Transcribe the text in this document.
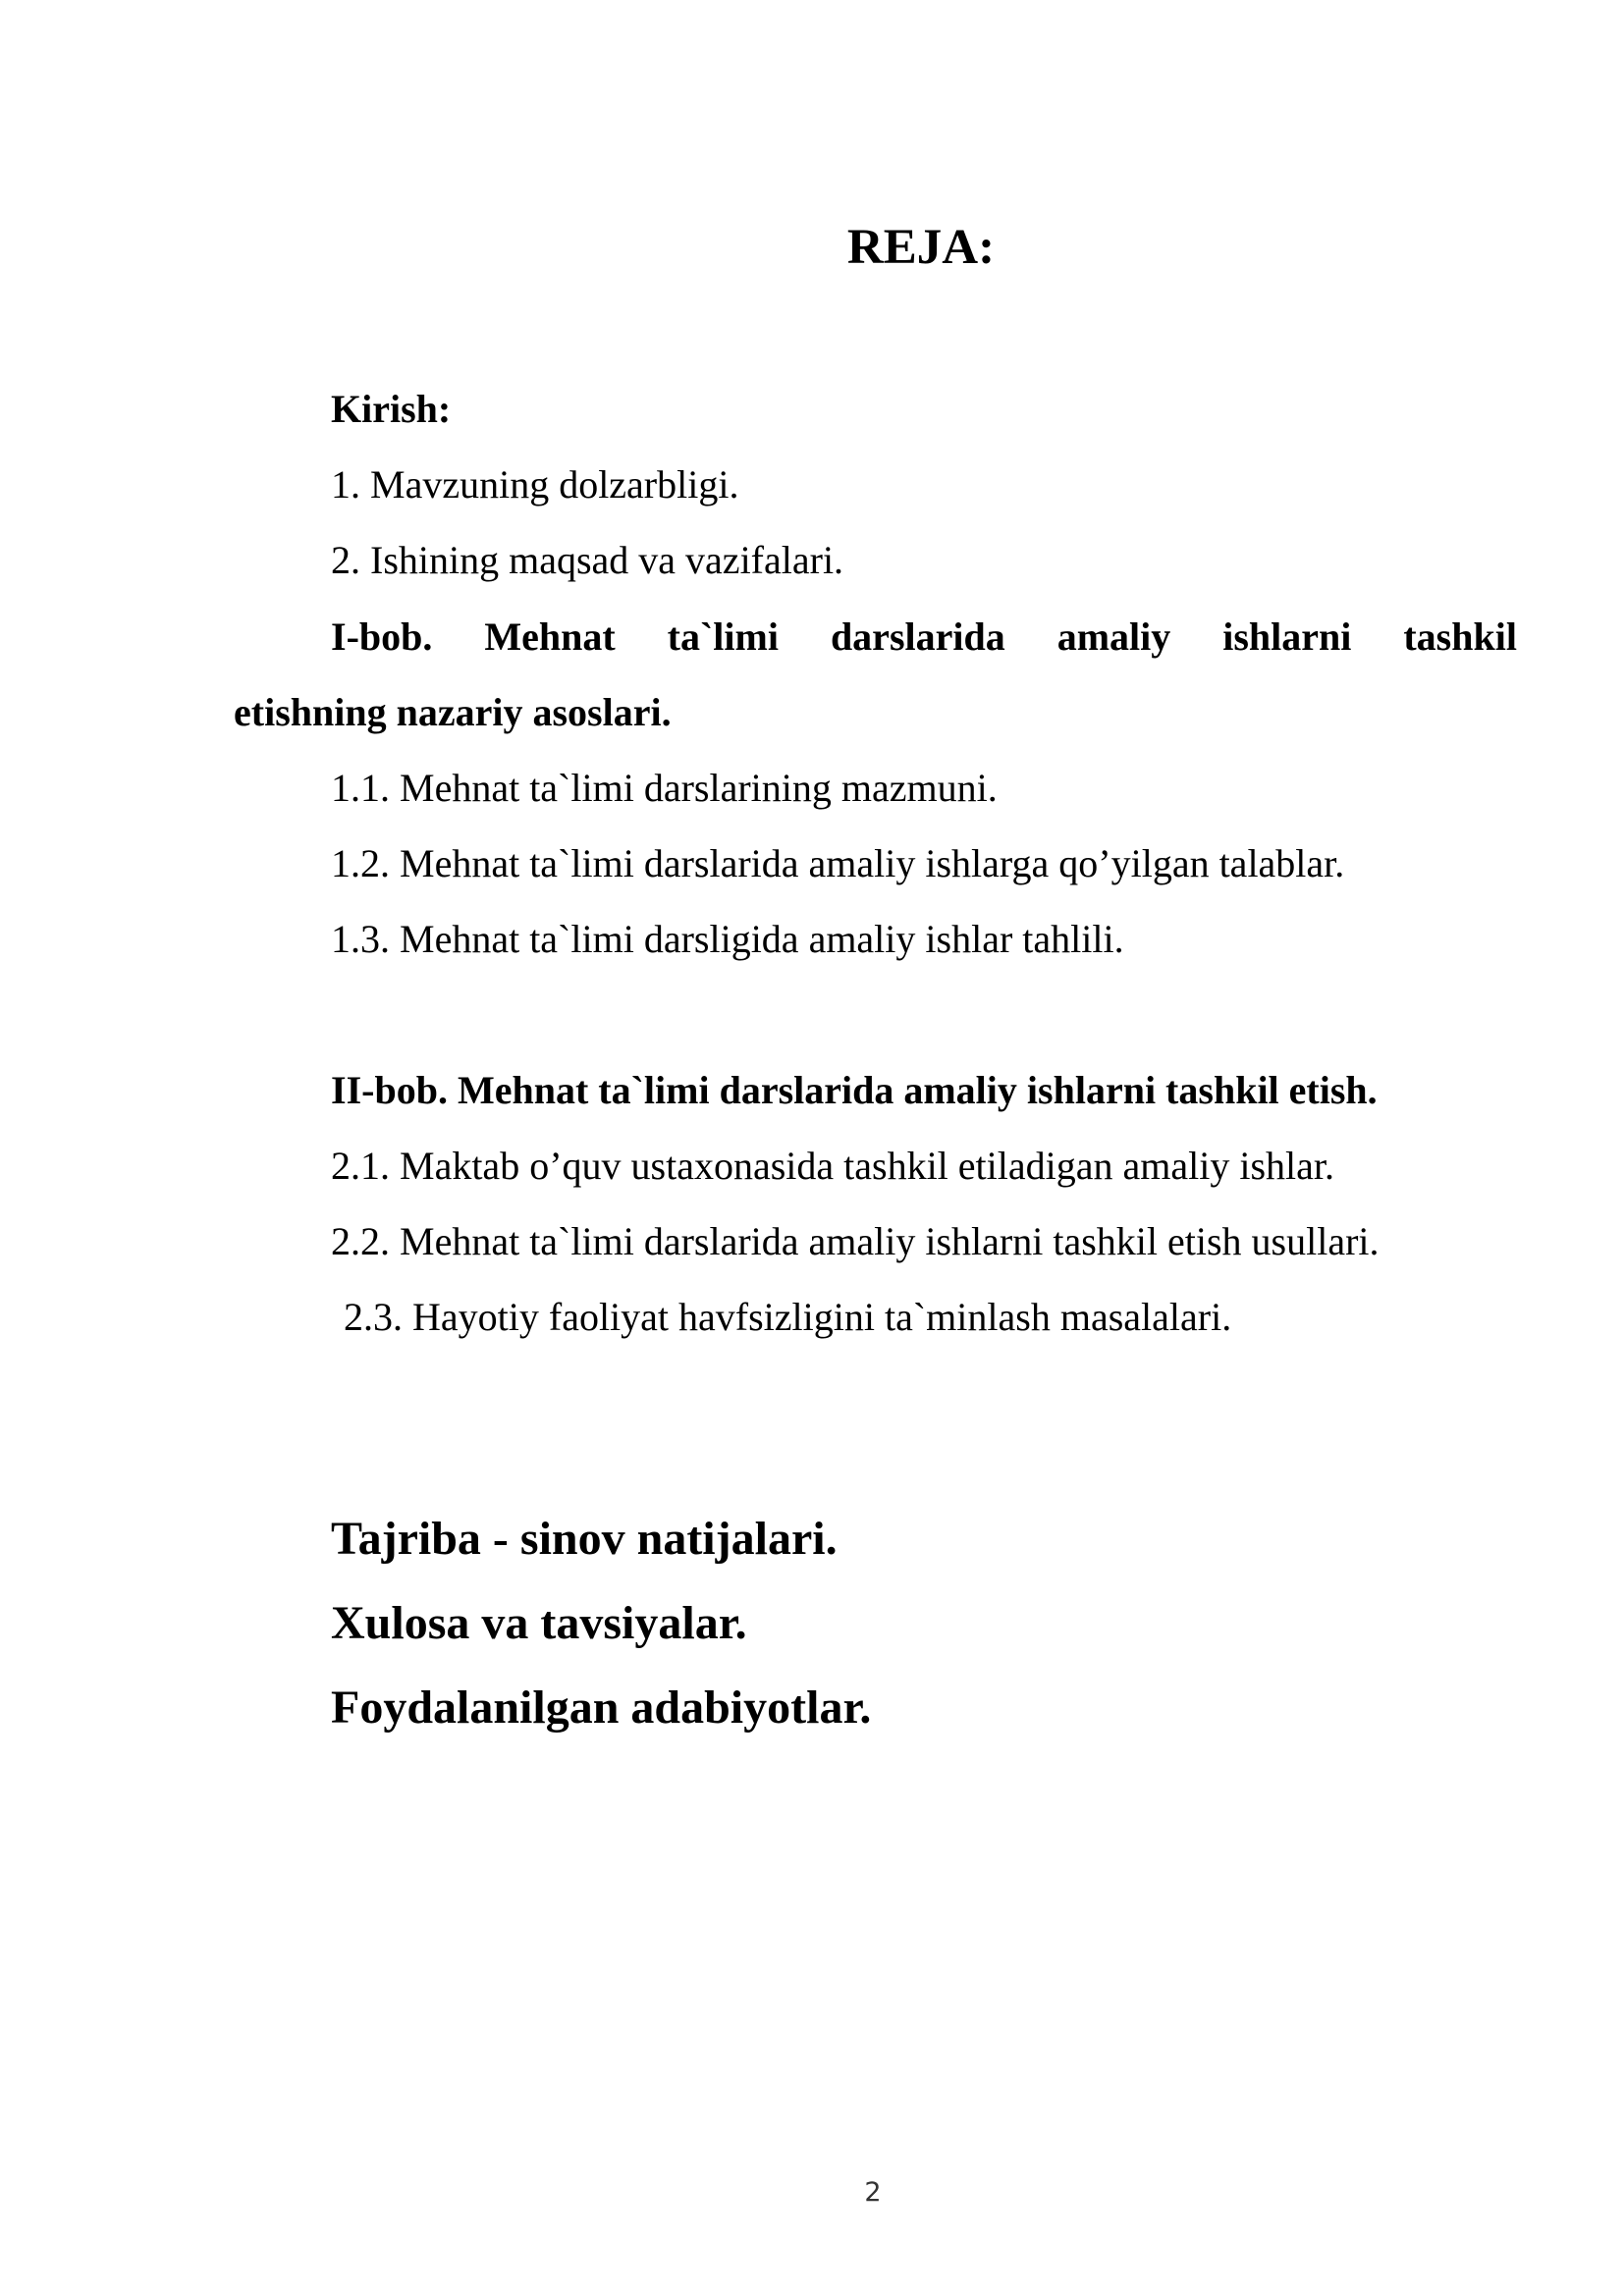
REJA:
Kirish:
1. Mavzuning dolzarbligi.
2. Ishining maqsad va vazifalari.
I-bob. Mehnat ta`limi darslarida amaliy ishlarni tashkil
etishning nazariy asoslari.
1.1. Mehnat ta`limi darslarining mazmuni.
1.2. Mehnat ta`limi darslarida amaliy ishlarga qo’yilgan talablar.
1.3. Mehnat ta`limi darsligida amaliy ishlar tahlili.
II-bob. Mehnat ta`limi darslarida amaliy ishlarni tashkil etish.
2.1. Maktab o’quv ustaxonasida tashkil etiladigan amaliy ishlar.
2.2. Mehnat ta`limi darslarida amaliy ishlarni tashkil etish usullari.
2.3. Hayotiy faoliyat havfsizligini ta`minlash masalalari.
Tajriba - sinov natijalari.
Xulosa va tavsiyalar.
Foydalanilgan adabiyotlar.
2
